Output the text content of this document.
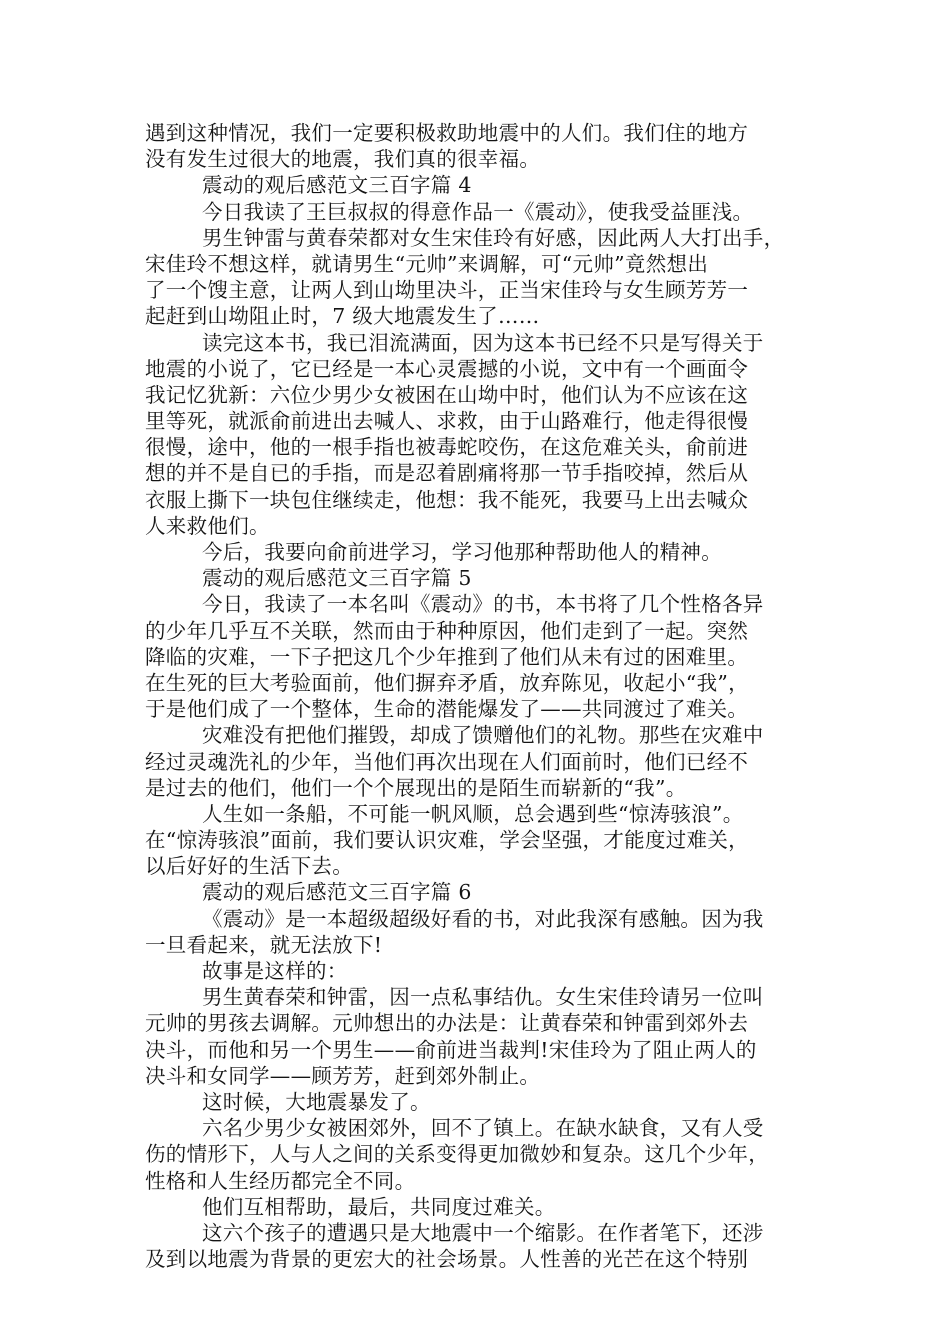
遇到这种情况，我们一定要积极救助地震中的人们。我们住的地方
没有发生过很大的地震，我们真的很幸福。
震动的观后感范文三百字篇 4
今日我读了王巨叔叔的得意作品一《震动》，使我受益匪浅。
男生钟雷与黄春荣都对女生宋佳玲有好感，因此两人大打出手，
宋佳玲不想这样，就请男生“元帅”来调解，可“元帅”竟然想出
了一个馊主意，让两人到山坳里决斗，正当宋佳玲与女生顾芳芳一
起赶到山坳阻止时，7 级大地震发生了……
读完这本书，我已泪流满面，因为这本书已经不只是写得关于
地震的小说了，它已经是一本心灵震撼的小说，文中有一个画面令
我记忆犹新：六位少男少女被困在山坳中时，他们认为不应该在这
里等死，就派俞前进出去喊人、求救，由于山路难行，他走得很慢
很慢，途中，他的一根手指也被毒蛇咬伤，在这危难关头，俞前进
想的并不是自已的手指，而是忍着剧痛将那一节手指咬掉，然后从
衣服上撕下一块包住继续走，他想：我不能死，我要马上出去喊众
人来救他们。
今后，我要向俞前进学习，学习他那种帮助他人的精神。
震动的观后感范文三百字篇 5
今日，我读了一本名叫《震动》的书，本书将了几个性格各异
的少年几乎互不关联，然而由于种种原因，他们走到了一起。突然
降临的灾难，一下子把这几个少年推到了他们从未有过的困难里。
在生死的巨大考验面前，他们摒弃矛盾，放弃陈见，收起小“我”，
于是他们成了一个整体，生命的潜能爆发了——共同渡过了难关。
灾难没有把他们摧毁，却成了馈赠他们的礼物。那些在灾难中
经过灵魂洗礼的少年，当他们再次出现在人们面前时，他们已经不
是过去的他们，他们一个个展现出的是陌生而崭新的“我”。
人生如一条船，不可能一帆风顺，总会遇到些“惊涛骇浪”。
在“惊涛骇浪”面前，我们要认识灾难，学会坚强，才能度过难关，
以后好好的生活下去。
震动的观后感范文三百字篇 6
《震动》是一本超级超级好看的书，对此我深有感触。因为我
一旦看起来，就无法放下!
故事是这样的：
男生黄春荣和钟雷，因一点私事结仇。女生宋佳玲请另一位叫
元帅的男孩去调解。元帅想出的办法是：让黄春荣和钟雷到郊外去
决斗，而他和另一个男生——俞前进当裁判!宋佳玲为了阻止两人的
决斗和女同学——顾芳芳，赶到郊外制止。
这时候，大地震暴发了。
六名少男少女被困郊外，回不了镇上。在缺水缺食，又有人受
伤的情形下，人与人之间的关系变得更加微妙和复杂。这几个少年，
性格和人生经历都完全不同。
他们互相帮助，最后，共同度过难关。
这六个孩子的遭遇只是大地震中一个缩影。在作者笔下，还涉
及到以地震为背景的更宏大的社会场景。人性善的光芒在这个特别
